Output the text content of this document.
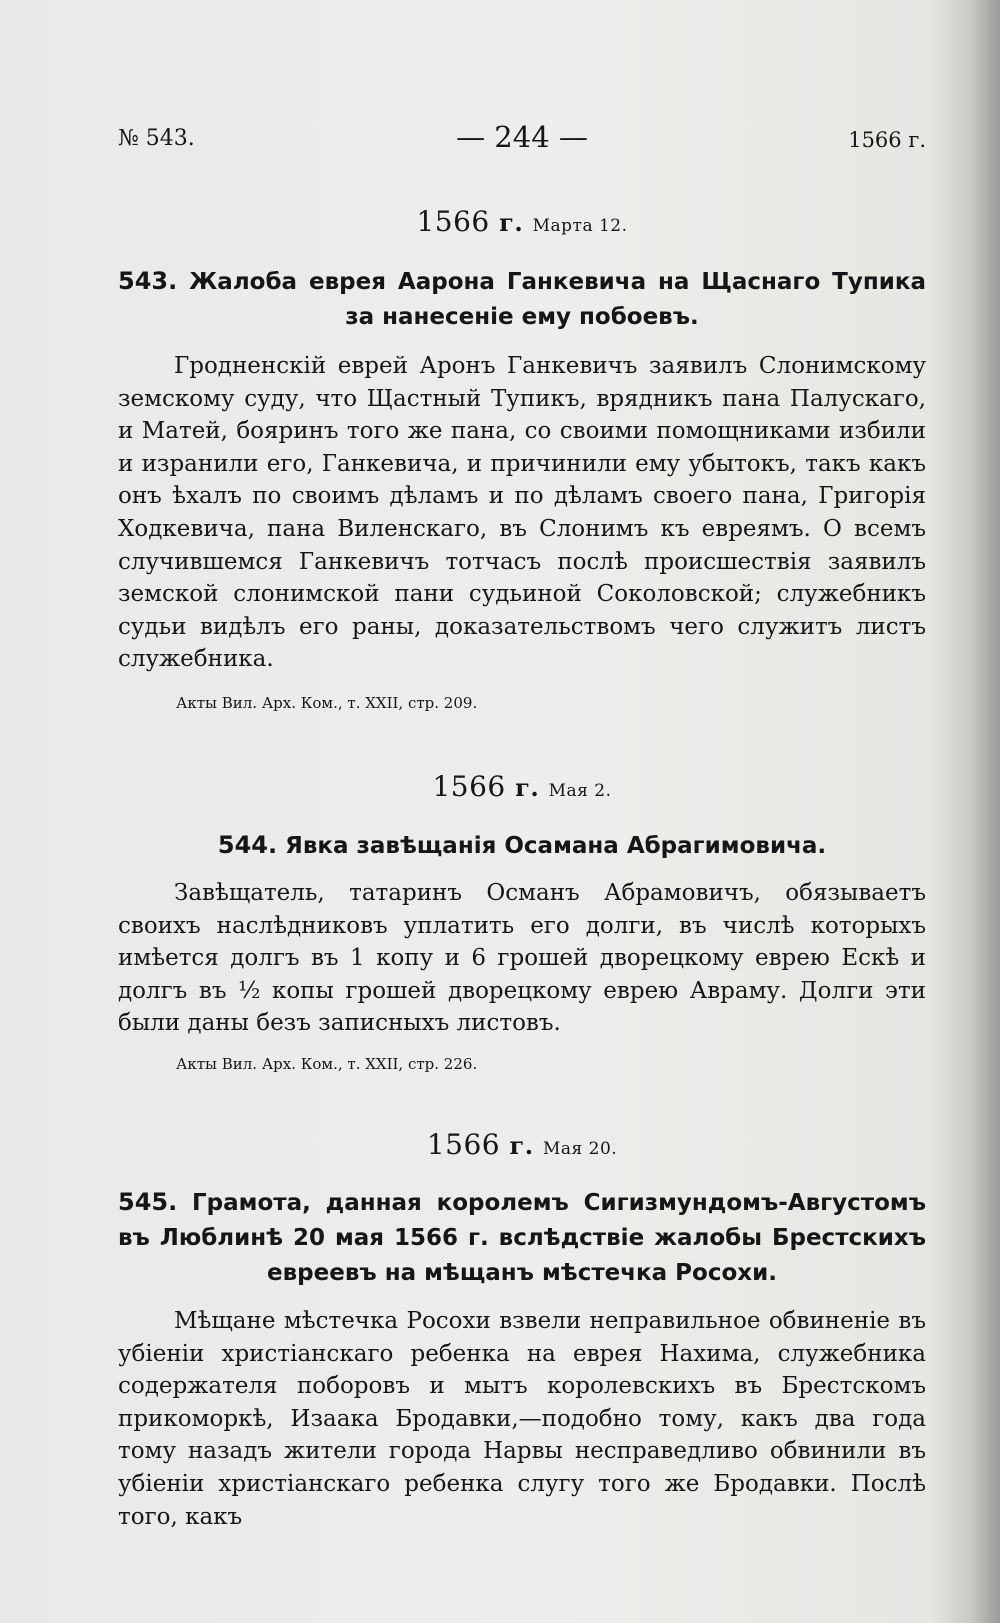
№ 543.	— 244 —	1566 г.
1566 г. Марта 12.
543. Жалоба еврея Аарона Ганкевича на Щаснаго Тупика за нанесеніе ему побоевъ.

Гродненскій еврей Аронъ Ганкевичъ заявилъ Слонимскому земскому суду, что Щастный Тупикъ, врядникъ пана Палускаго, и Матей, бояринъ того же пана, со своими помощниками избили и изранили его, Ганкевича, и причинили ему убытокъ, такъ какъ онъ ѣхалъ по своимъ дѣламъ и по дѣламъ своего пана, Григорія Ходкевича, пана Виленскаго, въ Слонимъ къ евреямъ. О всемъ случившемся Ганкевичъ тотчасъ послѣ происшествія заявилъ земской слонимской пани судьиной Соколовской; служебникъ судьи видѣлъ его раны, доказательствомъ чего служитъ листъ служебника.

Акты Вил. Арх. Ком., т. XXII, стр. 209.
1566 г. Мая 2.
544. Явка завѣщанія Осамана Абрагимовича.

Завѣщатель, татаринъ Османъ Абрамовичъ, обязываетъ своихъ наслѣдниковъ уплатить его долги, въ числѣ которыхъ имѣется долгъ въ 1 копу и 6 грошей дворецкому еврею Ескѣ и долгъ въ ½ копы грошей дворецкому еврею Авраму. Долги эти были даны безъ записныхъ листовъ.

Акты Вил. Арх. Ком., т. XXII, стр. 226.
1566 г. Мая 20.
545. Грамота, данная королемъ Сигизмундомъ-Августомъ въ Люблинѣ 20 мая 1566 г. вслѣдствіе жалобы Брестскихъ евреевъ на мѣщанъ мѣстечка Росохи.

Мѣщане мѣстечка Росохи взвели неправильное обвиненіе въ убіеніи христіанскаго ребенка на еврея Нахима, служебника содержателя поборовъ и мытъ королевскихъ въ Брестскомъ прикоморкѣ, Изаака Бродавки,—подобно тому, какъ два года тому назадъ жители города Нарвы несправедливо обвинили въ убіеніи христіанскаго ребенка слугу того же Бродавки. Послѣ того, какъ
